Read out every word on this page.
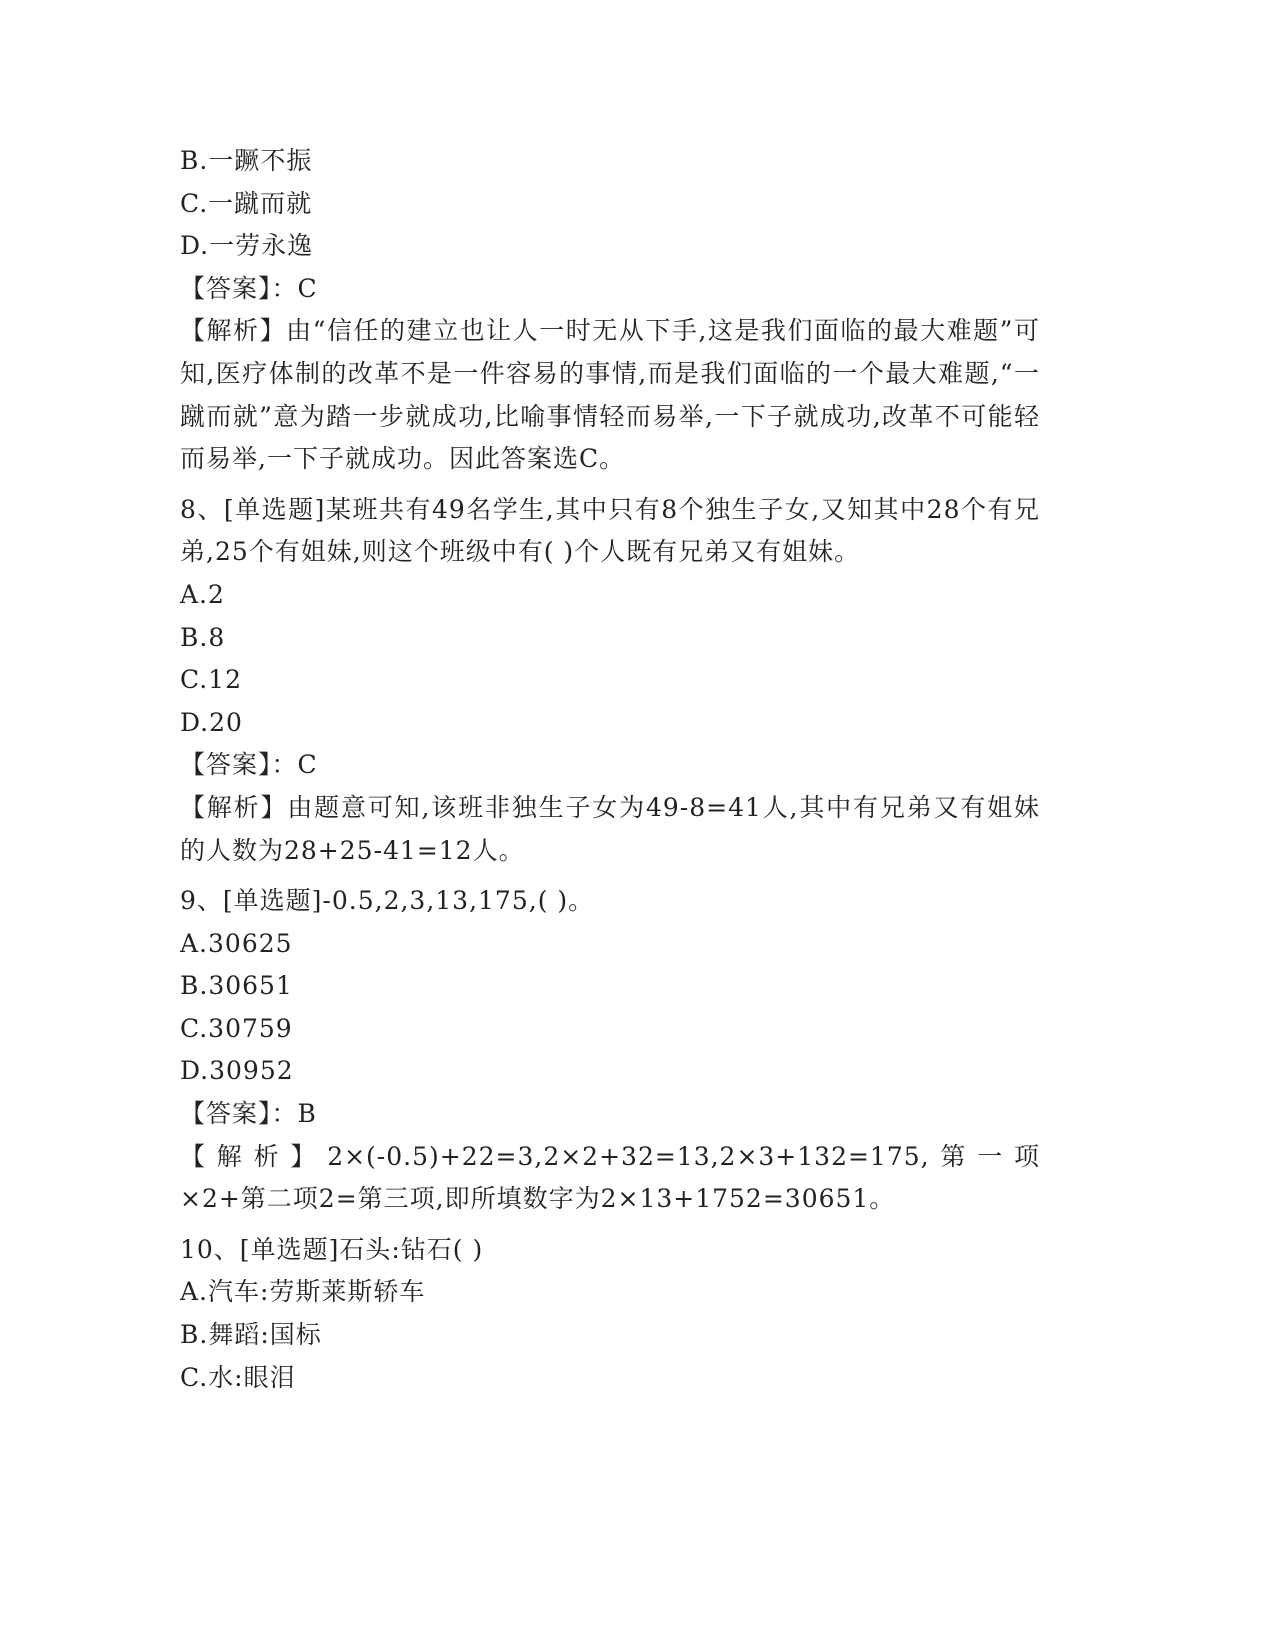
B.一蹶不振
C.一蹴而就
D.一劳永逸
【答案】：C
【解析】由“信任的建立也让人一时无从下手,这是我们面临的最大难题”可知,医疗体制的改革不是一件容易的事情,而是我们面临的一个最大难题,“一蹴而就”意为踏一步就成功,比喻事情轻而易举,一下子就成功,改革不可能轻而易举,一下子就成功。因此答案选C。
8、[单选题]某班共有49名学生,其中只有8个独生子女,又知其中28个有兄弟,25个有姐妹,则这个班级中有( )个人既有兄弟又有姐妹。
A.2
B.8
C.12
D.20
【答案】：C
【解析】由题意可知,该班非独生子女为49-8=41人,其中有兄弟又有姐妹的人数为28+25-41=12人。
9、[单选题]-0.5,2,3,13,175,( )。
A.30625
B.30651
C.30759
D.30952
【答案】：B
【解析】2×(-0.5)+22=3,2×2+32=13,2×3+132=175,第一项×2+第二项2=第三项,即所填数字为2×13+1752=30651。
10、[单选题]石头:钻石( )
A.汽车:劳斯莱斯轿车
B.舞蹈:国标
C.水:眼泪
